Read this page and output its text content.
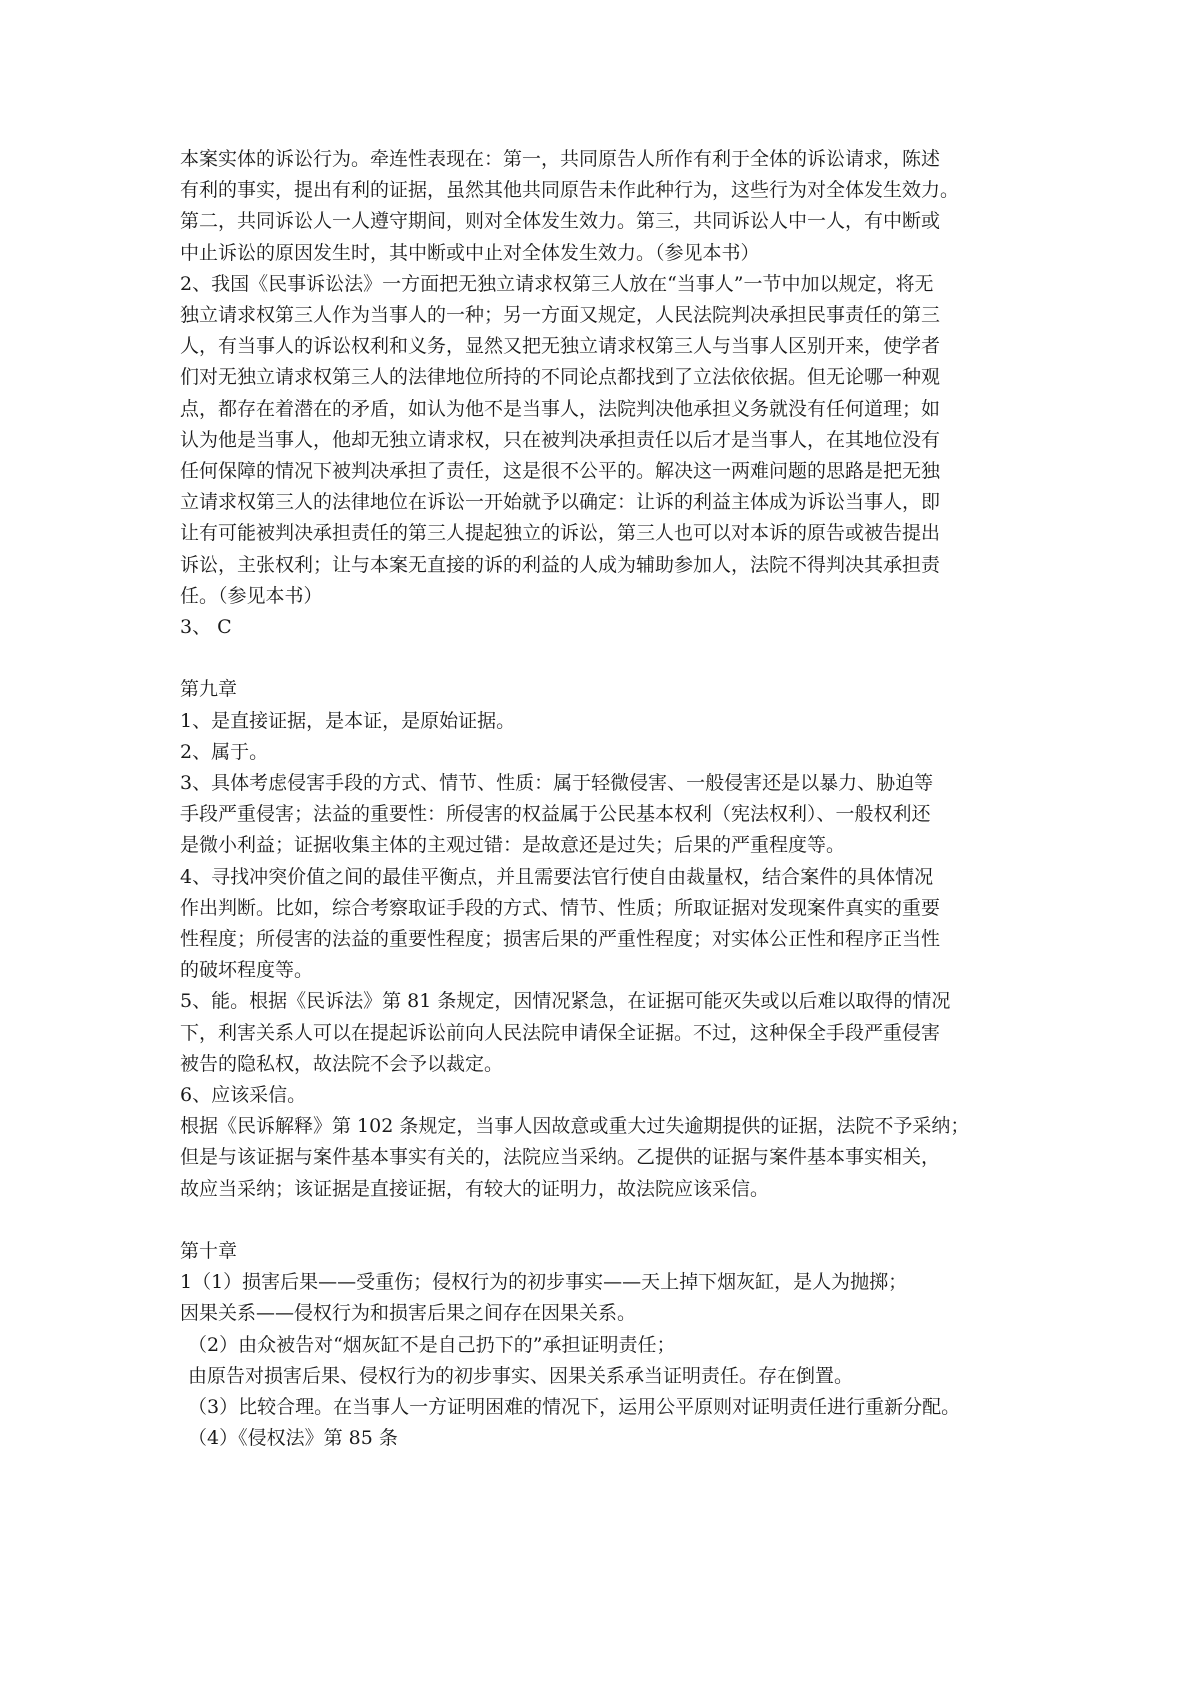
本案实体的诉讼行为。牵连性表现在：第一，共同原告人所作有利于全体的诉讼请求，陈述
有利的事实，提出有利的证据，虽然其他共同原告未作此种行为，这些行为对全体发生效力。
第二，共同诉讼人一人遵守期间，则对全体发生效力。第三，共同诉讼人中一人，有中断或
中止诉讼的原因发生时，其中断或中止对全体发生效力。（参见本书）
2、我国《民事诉讼法》一方面把无独立请求权第三人放在“当事人”一节中加以规定，将无
独立请求权第三人作为当事人的一种；另一方面又规定，人民法院判决承担民事责任的第三
人，有当事人的诉讼权利和义务，显然又把无独立请求权第三人与当事人区别开来，使学者
们对无独立请求权第三人的法律地位所持的不同论点都找到了立法依依据。但无论哪一种观
点，都存在着潜在的矛盾，如认为他不是当事人，法院判决他承担义务就没有任何道理；如
认为他是当事人，他却无独立请求权，只在被判决承担责任以后才是当事人，在其地位没有
任何保障的情况下被判决承担了责任，这是很不公平的。解决这一两难问题的思路是把无独
立请求权第三人的法律地位在诉讼一开始就予以确定：让诉的利益主体成为诉讼当事人，即
让有可能被判决承担责任的第三人提起独立的诉讼，第三人也可以对本诉的原告或被告提出
诉讼，主张权利；让与本案无直接的诉的利益的人成为辅助参加人，法院不得判决其承担责
任。（参见本书）
3、 C
第九章
1、是直接证据，是本证，是原始证据。
2、属于。
3、具体考虑侵害手段的方式、情节、性质：属于轻微侵害、一般侵害还是以暴力、胁迫等
手段严重侵害；法益的重要性：所侵害的权益属于公民基本权利（宪法权利）、一般权利还
是微小利益；证据收集主体的主观过错：是故意还是过失；后果的严重程度等。
4、寻找冲突价值之间的最佳平衡点，并且需要法官行使自由裁量权，结合案件的具体情况
作出判断。比如，综合考察取证手段的方式、情节、性质；所取证据对发现案件真实的重要
性程度；所侵害的法益的重要性程度；损害后果的严重性程度；对实体公正性和程序正当性
的破坏程度等。
5、能。根据《民诉法》第 81 条规定，因情况紧急，在证据可能灭失或以后难以取得的情况
下，利害关系人可以在提起诉讼前向人民法院申请保全证据。不过，这种保全手段严重侵害
被告的隐私权，故法院不会予以裁定。
6、应该采信。
根据《民诉解释》第 102 条规定，当事人因故意或重大过失逾期提供的证据，法院不予采纳；
但是与该证据与案件基本事实有关的，法院应当采纳。乙提供的证据与案件基本事实相关，
故应当采纳；该证据是直接证据，有较大的证明力，故法院应该采信。
第十章
1（1）损害后果——受重伤；侵权行为的初步事实——天上掉下烟灰缸，是人为抛掷；
因果关系——侵权行为和损害后果之间存在因果关系。
（2）由众被告对“烟灰缸不是自己扔下的”承担证明责任；
由原告对损害后果、侵权行为的初步事实、因果关系承当证明责任。存在倒置。
（3）比较合理。在当事人一方证明困难的情况下，运用公平原则对证明责任进行重新分配。
（4）《侵权法》第 85 条
